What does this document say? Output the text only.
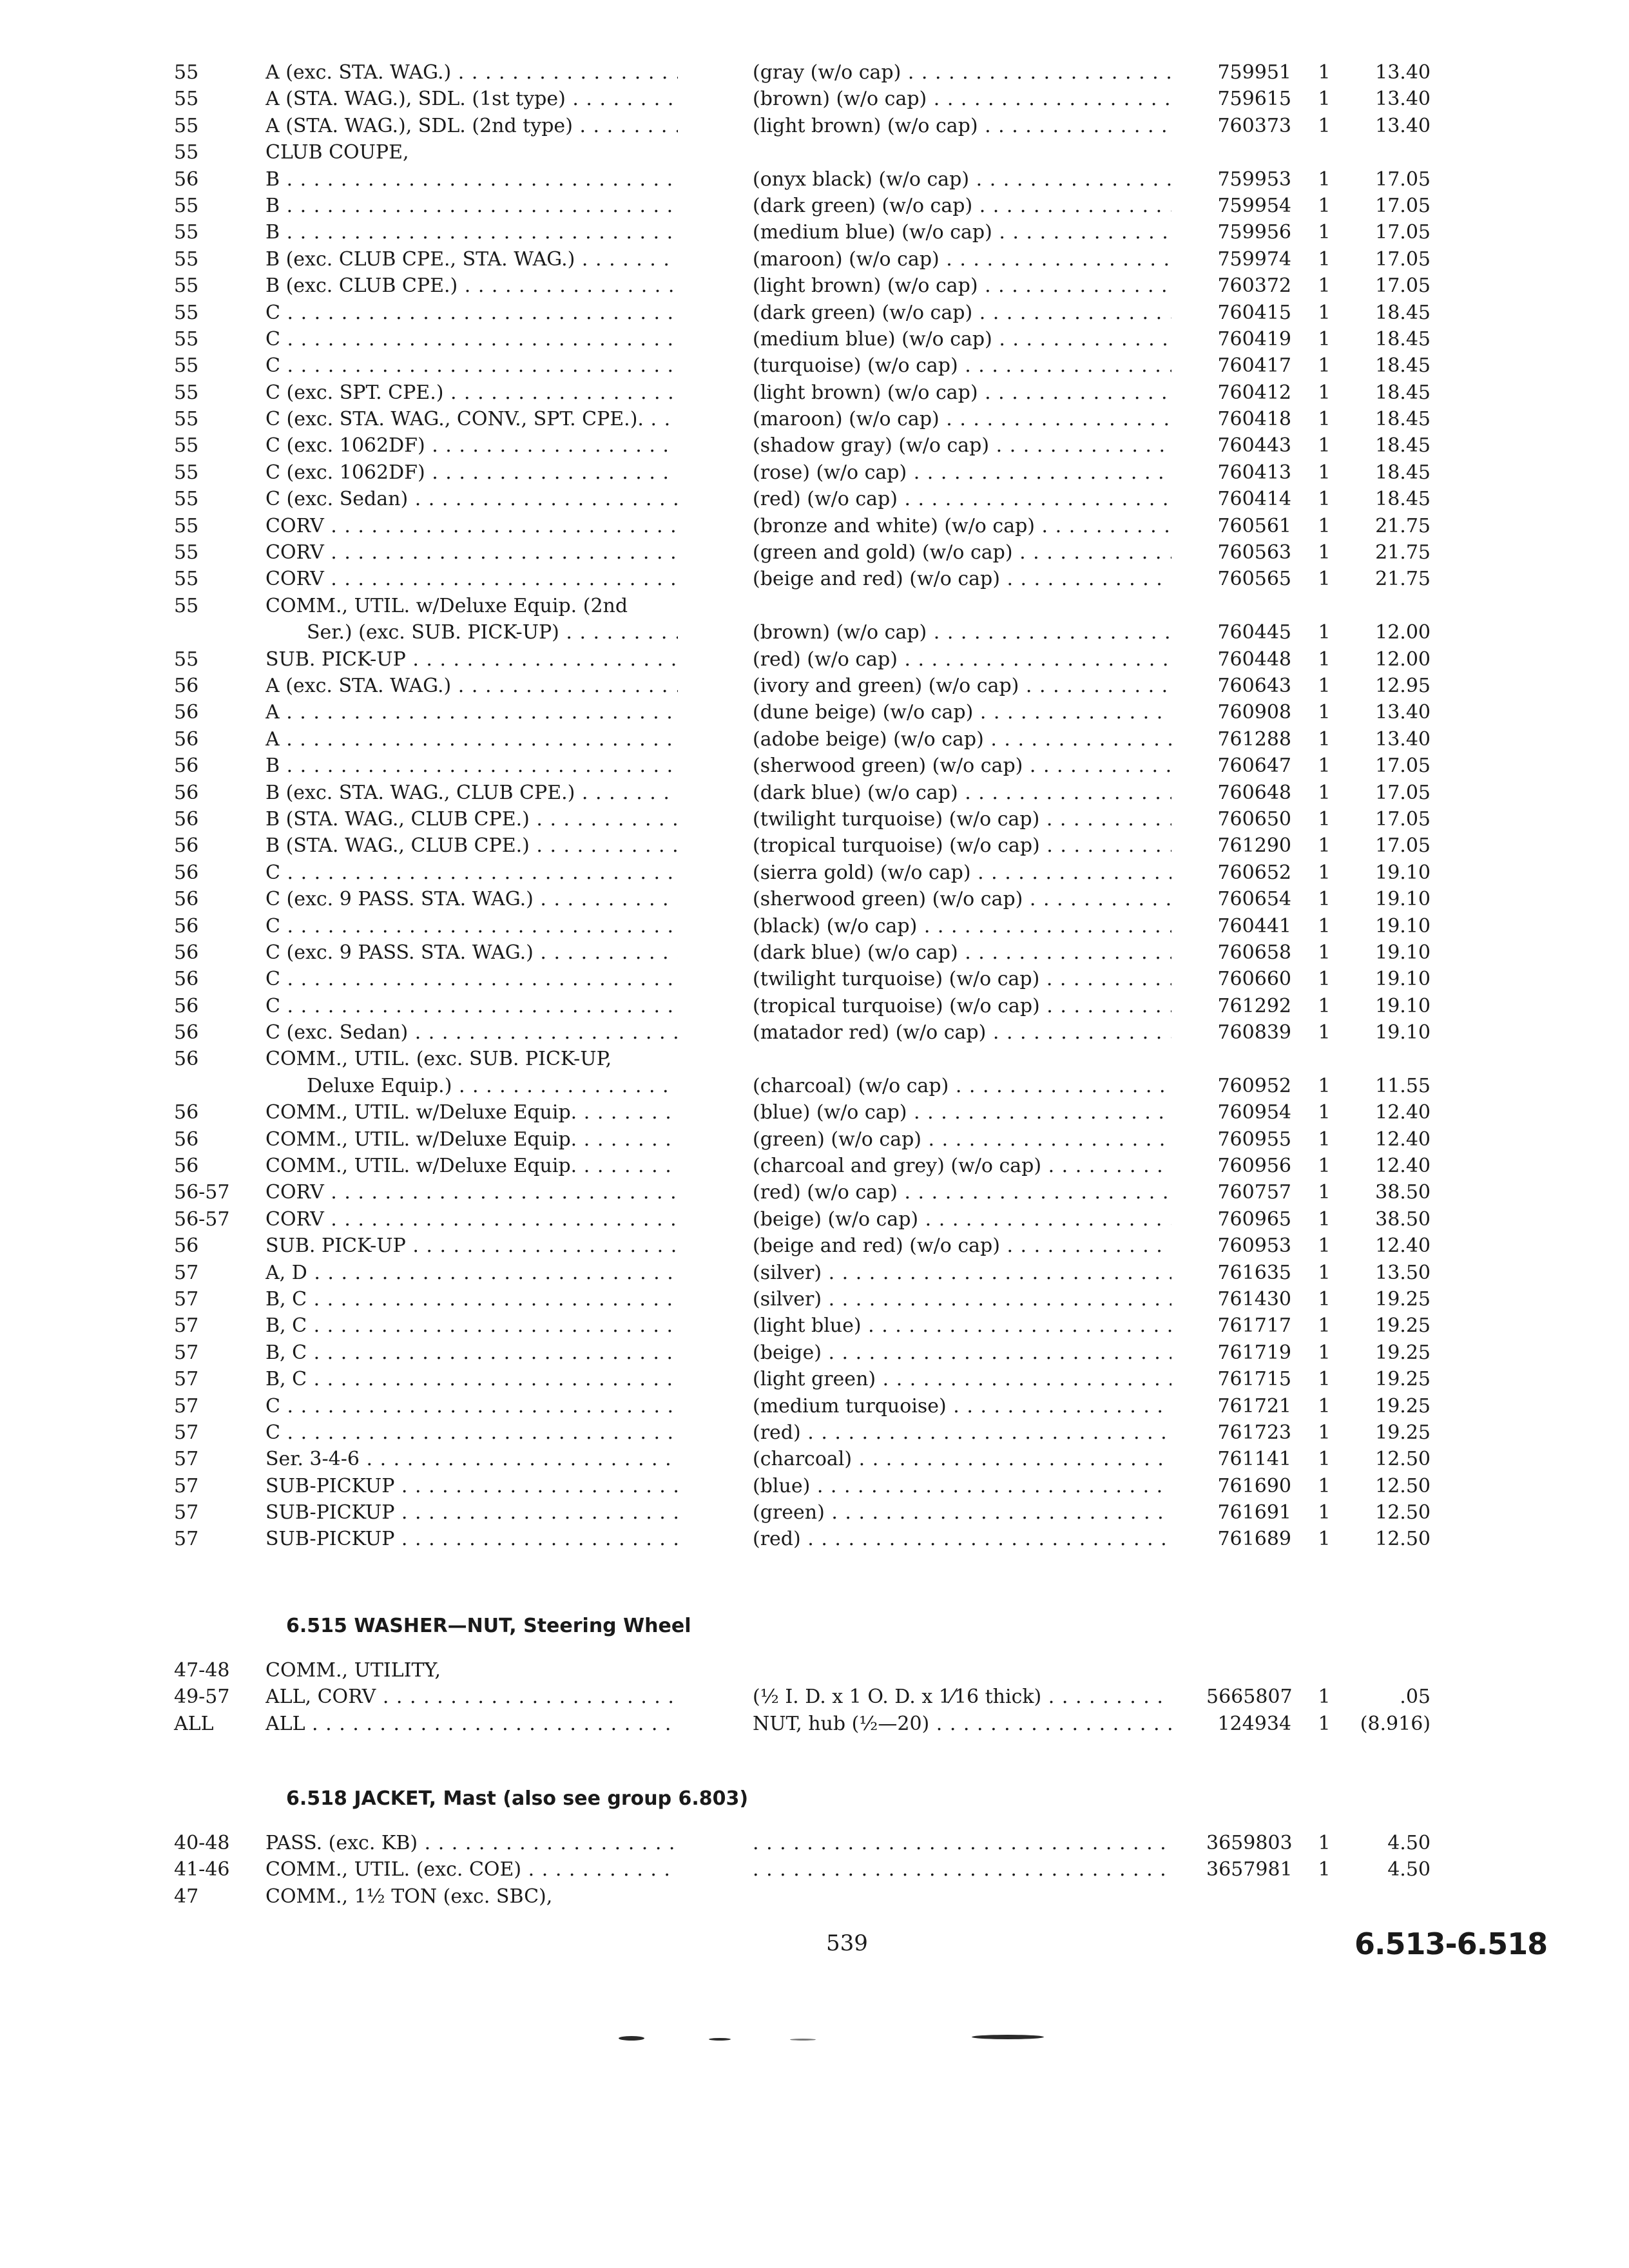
55	A (exc. STA. WAG.) . . .	(gray (w/o cap) . . .	759951 1	13.40
55	A (STA. WAG.), SDL. (1st type) . . .	(brown) (w/o cap) . . .	759615 1	13.40
55	A (STA. WAG.), SDL. (2nd type) . . .	(light brown) (w/o cap) . . .	760373 1	13.40
55	CLUB COUPE,
56	B . . .	(onyx black) (w/o cap) . . .	759953 1	17.05
55	B . . .	(dark green) (w/o cap) . . .	759954 1	17.05
55	B . . .	(medium blue) (w/o cap) . . .	759956 1	17.05
55	B (exc. CLUB CPE., STA. WAG.) . . .	(maroon) (w/o cap) . . .	759974 1	17.05
55	B (exc. CLUB CPE.) . . .	(light brown) (w/o cap) . . .	760372 1	17.05
55	C . . .	(dark green) (w/o cap) . . .	760415 1	18.45
55	C . . .	(medium blue) (w/o cap) . . .	760419 1	18.45
55	C . . .	(turquoise) (w/o cap) . . .	760417 1	18.45
55	C (exc. SPT. CPE.) . . .	(light brown) (w/o cap) . . .	760412 1	18.45
55	C (exc. STA. WAG., CONV., SPT. CPE.). . . .	(maroon) (w/o cap) . . .	760418 1	18.45
55	C (exc. 1062DF) . . .	(shadow gray) (w/o cap) . . .	760443 1	18.45
55	C (exc. 1062DF) . . .	(rose) (w/o cap) . . .	760413 1	18.45
55	C (exc. Sedan) . . .	(red) (w/o cap) . . .	760414 1	18.45
55	CORV . . .	(bronze and white) (w/o cap) . . .	760561 1	21.75
55	CORV . . .	(green and gold) (w/o cap) . . .	760563 1	21.75
55	CORV . . .	(beige and red) (w/o cap) . . .	760565 1	21.75
55	COMM., UTIL. w/Deluxe Equip. (2nd
Ser.) (exc. SUB. PICK-UP) . . .	(brown) (w/o cap) . . .	760445 1	12.00
55	SUB. PICK-UP . . .	(red) (w/o cap) . . .	760448 1	12.00
56	A (exc. STA. WAG.) . . .	(ivory and green) (w/o cap) . . .	760643 1	12.95
56	A . . .	(dune beige) (w/o cap) . . .	760908 1	13.40
56	A . . .	(adobe beige) (w/o cap) . . .	761288 1	13.40
56	B . . .	(sherwood green) (w/o cap) . . .	760647 1	17.05
56	B (exc. STA. WAG., CLUB CPE.) . . .	(dark blue) (w/o cap) . . .	760648 1	17.05
56	B (STA. WAG., CLUB CPE.) . . .	(twilight turquoise) (w/o cap) . . .	760650 1	17.05
56	B (STA. WAG., CLUB CPE.) . . .	(tropical turquoise) (w/o cap) . . .	761290 1	17.05
56	C . . .	(sierra gold) (w/o cap) . . .	760652 1	19.10
56	C (exc. 9 PASS. STA. WAG.) . . .	(sherwood green) (w/o cap) . . .	760654 1	19.10
56	C . . .	(black) (w/o cap) . . .	760441 1	19.10
56	C (exc. 9 PASS. STA. WAG.) . . .	(dark blue) (w/o cap) . . .	760658 1	19.10
56	C . . .	(twilight turquoise) (w/o cap) . . .	760660 1	19.10
56	C . . .	(tropical turquoise) (w/o cap) . . .	761292 1	19.10
56	C (exc. Sedan) . . .	(matador red) (w/o cap) . . .	760839 1	19.10
56	COMM., UTIL. (exc. SUB. PICK-UP,
Deluxe Equip.) . . .	(charcoal) (w/o cap) . . .	760952 1	11.55
56	COMM., UTIL. w/Deluxe Equip. . . .	(blue) (w/o cap) . . .	760954 1	12.40
56	COMM., UTIL. w/Deluxe Equip. . . .	(green) (w/o cap) . . .	760955 1	12.40
56	COMM., UTIL. w/Deluxe Equip. . . .	(charcoal and grey) (w/o cap) . . .	760956 1	12.40
56-57 CORV . . .	(red) (w/o cap) . . .	760757 1	38.50
56-57 CORV . . .	(beige) (w/o cap) . . .	760965 1	38.50
56	SUB. PICK-UP . . .	(beige and red) (w/o cap) . . .	760953 1	12.40
57	A, D . . .	(silver) . . .	761635 1	13.50
57	B, C . . .	(silver) . . .	761430 1	19.25
57	B, C . . .	(light blue) . . .	761717 1	19.25
57	B, C . . .	(beige) . . .	761719 1	19.25
57	B, C . . .	(light green) . . .	761715 1	19.25
57	C . . .	(medium turquoise) . . .	761721 1	19.25
57	C . . .	(red) . . .	761723 1	19.25
57	Ser. 3-4-6 . . .	(charcoal) . . .	761141 1	12.50
57	SUB-PICKUP . . .	(blue) . . .	761690 1	12.50
57	SUB-PICKUP . . .	(green) . . .	761691 1	12.50
57	SUB-PICKUP . . .	(red) . . .	761689 1	12.50
6.515 WASHER—NUT, Steering Wheel
47-48 COMM., UTILITY,
49-57 ALL, CORV . . .	(½ I. D. x 1 O. D. x 1⁄16 thick) . . .	5665807 1	.05
ALL	ALL . . .	NUT, hub (½—20) . . .	124934 1	(8.916)
6.518 JACKET, Mast (also see group 6.803)
40-48 PASS. (exc. KB) . . . . . .	3659803 1	4.50
41-46 COMM., UTIL. (exc. COE) . . . . . .	3657981 1	4.50
47	COMM., 1½ TON (exc. SBC),
539	6.513-6.518
